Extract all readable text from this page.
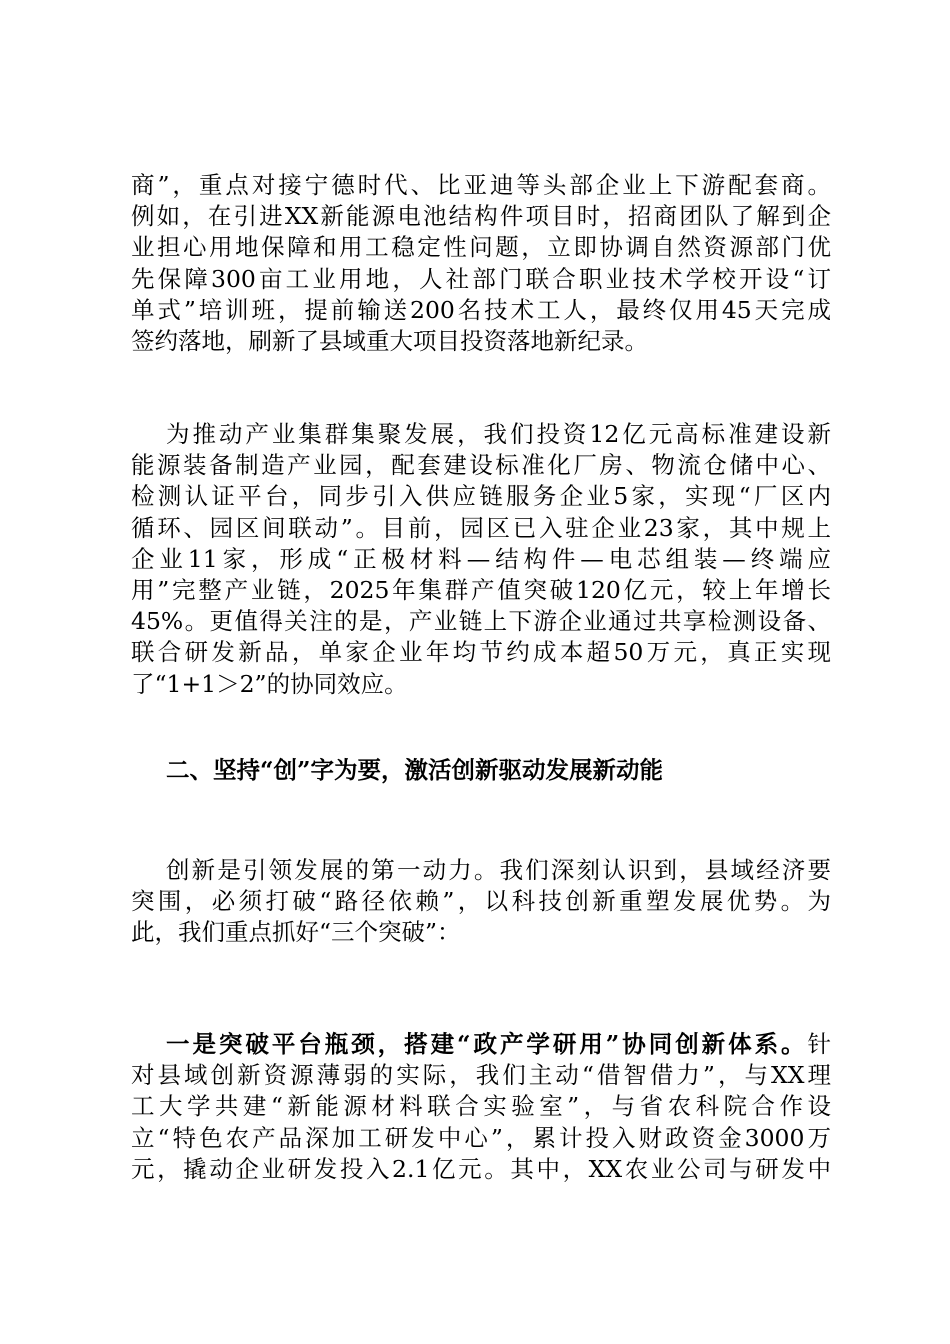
商”，重点对接宁德时代、比亚迪等头部企业上下游配套商。
例如，在引进XX新能源电池结构件项目时，招商团队了解到企
业担心用地保障和用工稳定性问题，立即协调自然资源部门优
先保障300亩工业用地，人社部门联合职业技术学校开设“订
单式”培训班，提前输送200名技术工人，最终仅用45天完成
签约落地，刷新了县域重大项目投资落地新纪录。
为推动产业集群集聚发展，我们投资12亿元高标准建设新
能源装备制造产业园，配套建设标准化厂房、物流仓储中心、
检测认证平台，同步引入供应链服务企业5家，实现“厂区内
循环、园区间联动”。目前，园区已入驻企业23家，其中规上
企业11家，形成“正极材料—结构件—电芯组装—终端应
用”完整产业链，2025年集群产值突破120亿元，较上年增长
45%。更值得关注的是，产业链上下游企业通过共享检测设备、
联合研发新品，单家企业年均节约成本超50万元，真正实现
了“1+1＞2”的协同效应。
二、坚持“创”字为要，激活创新驱动发展新动能
创新是引领发展的第一动力。我们深刻认识到，县域经济要
突围，必须打破“路径依赖”，以科技创新重塑发展优势。为
此，我们重点抓好“三个突破”：
一是突破平台瓶颈，搭建“政产学研用”协同创新体系。针
对县域创新资源薄弱的实际，我们主动“借智借力”，与XX理
工大学共建“新能源材料联合实验室”，与省农科院合作设
立“特色农产品深加工研发中心”，累计投入财政资金3000万
元，撬动企业研发投入2.1亿元。其中，XX农业公司与研发中
